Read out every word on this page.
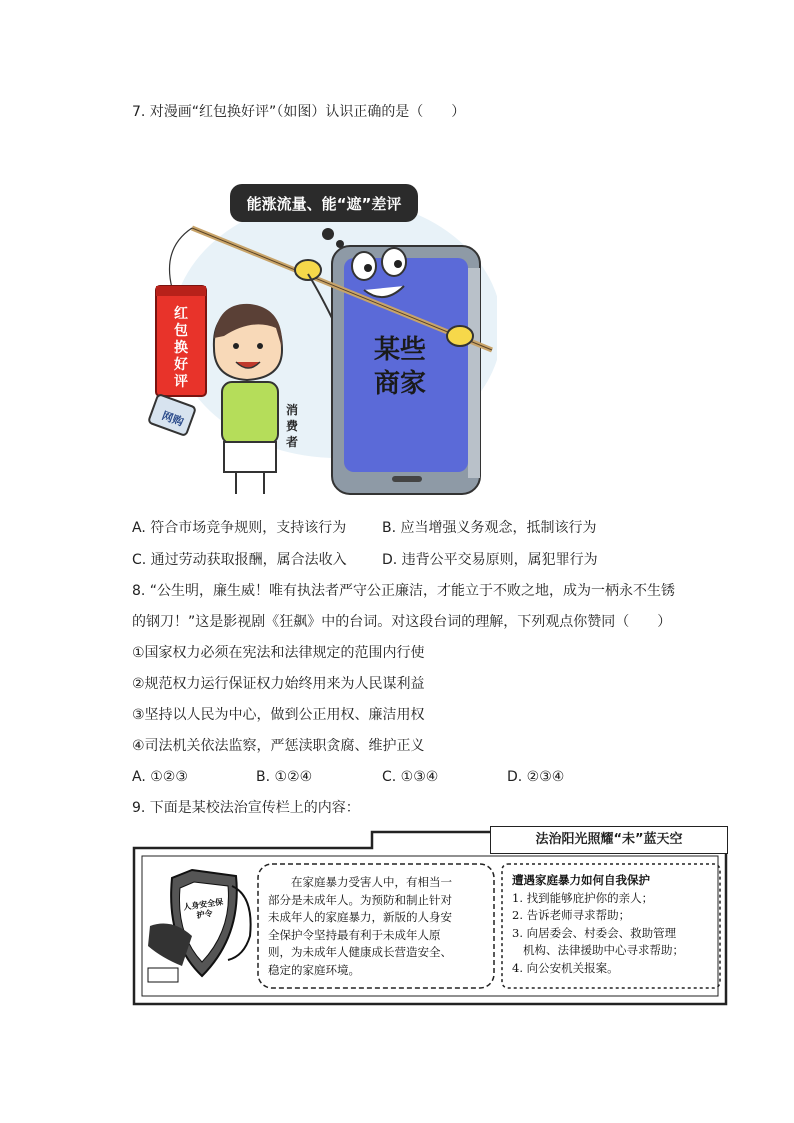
7. 对漫画“红包换好评”（如图）认识正确的是（　　）
能涨流量、能“遮”差评
某些
商家
红
包
换
好
评
网购	消
费
者
A. 符合市场竞争规则，支持该行为	B. 应当增强义务观念，抵制该行为
C. 通过劳动获取报酬，属合法收入	D. 违背公平交易原则，属犯罪行为
8. “公生明，廉生威！唯有执法者严守公正廉洁，才能立于不败之地，成为一柄永不生锈
的钢刀！”这是影视剧《狂飙》中的台词。对这段台词的理解，下列观点你赞同（　　）
①国家权力必须在宪法和法律规定的范围内行使
②规范权力运行保证权力始终用来为人民谋利益
③坚持以人民为中心，做到公正用权、廉洁用权
④司法机关依法监察，严惩渎职贪腐、维护正义
A. ①②③	B. ①②④	C. ①③④	D. ②③④
9. 下面是某校法治宣传栏上的内容：
法治阳光照耀“未”蓝天空
人身安全保护令
在家庭暴力受害人中，有相当一
部分是未成年人。为预防和制止针对
未成年人的家庭暴力，新版的人身安
全保护令坚持最有利于未成年人原
则，为未成年人健康成长营造安全、
稳定的家庭环境。
遭遇家庭暴力如何自我保护
1. 找到能够庇护你的亲人；
2. 告诉老师寻求帮助；
3. 向居委会、村委会、救助管理
机构、法律援助中心寻求帮助；
4. 向公安机关报案。
